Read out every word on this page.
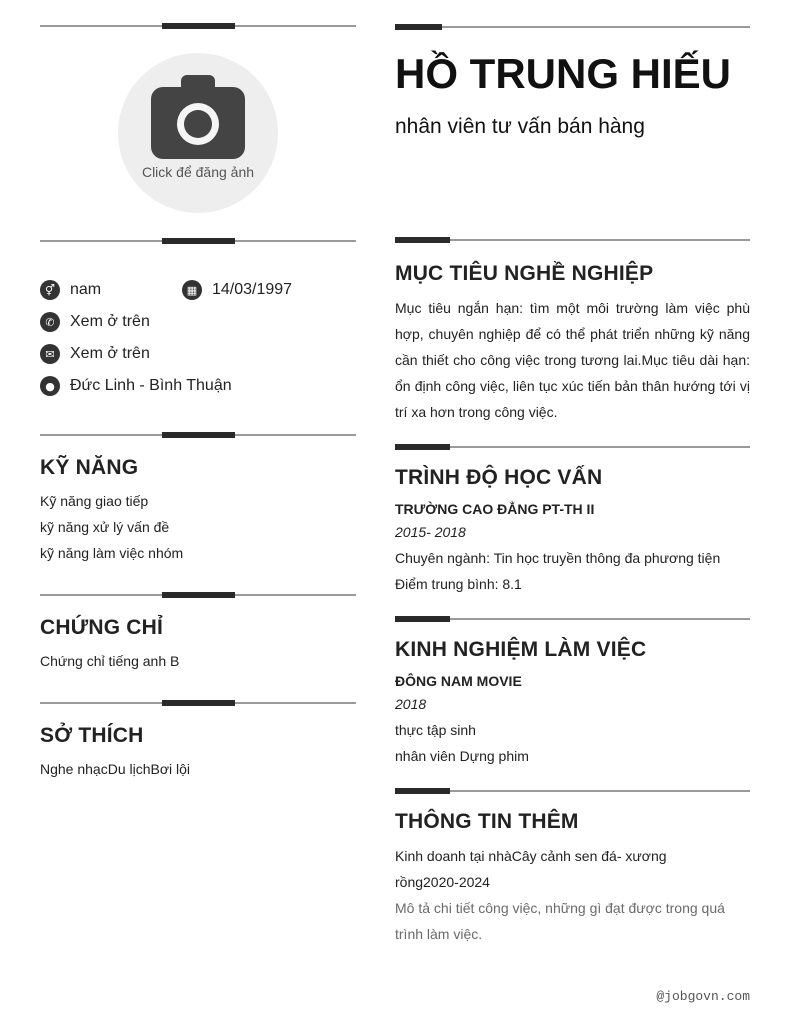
Click để đăng ảnh
⚥ nam	▦ 14/03/1997
✆ Xem ở trên
✉ Xem ở trên
● Đức Linh - Bình Thuận
KỸ NĂNG
Kỹ năng giao tiếp
kỹ năng xử lý vấn đề
kỹ năng làm việc nhóm
CHỨNG CHỈ
Chứng chỉ tiếng anh B
SỞ THÍCH
Nghe nhạcDu lịchBơi lội
HỒ TRUNG HIẾU
nhân viên tư vấn bán hàng
MỤC TIÊU NGHỀ NGHIỆP
Mục tiêu ngắn hạn: tìm một môi trường làm việc phù hợp, chuyên nghiệp để có thể phát triển những kỹ năng cần thiết cho công việc trong tương lai.Mục tiêu dài hạn: ổn định công việc, liên tục xúc tiến bản thân hướng tới vị trí xa hơn trong công việc.
TRÌNH ĐỘ HỌC VẤN
TRƯỜNG CAO ĐẲNG PT-TH II
2015- 2018
Chuyên ngành: Tin học truyền thông đa phương tiện
Điểm trung bình: 8.1
KINH NGHIỆM LÀM VIỆC
ĐÔNG NAM MOVIE
2018
thực tập sinh
nhân viên Dựng phim
THÔNG TIN THÊM
Kinh doanh tại nhàCây cảnh sen đá- xương rồng2020-2024
Mô tả chi tiết công việc, những gì đạt được trong quá trình làm việc.
@jobgovn.com
